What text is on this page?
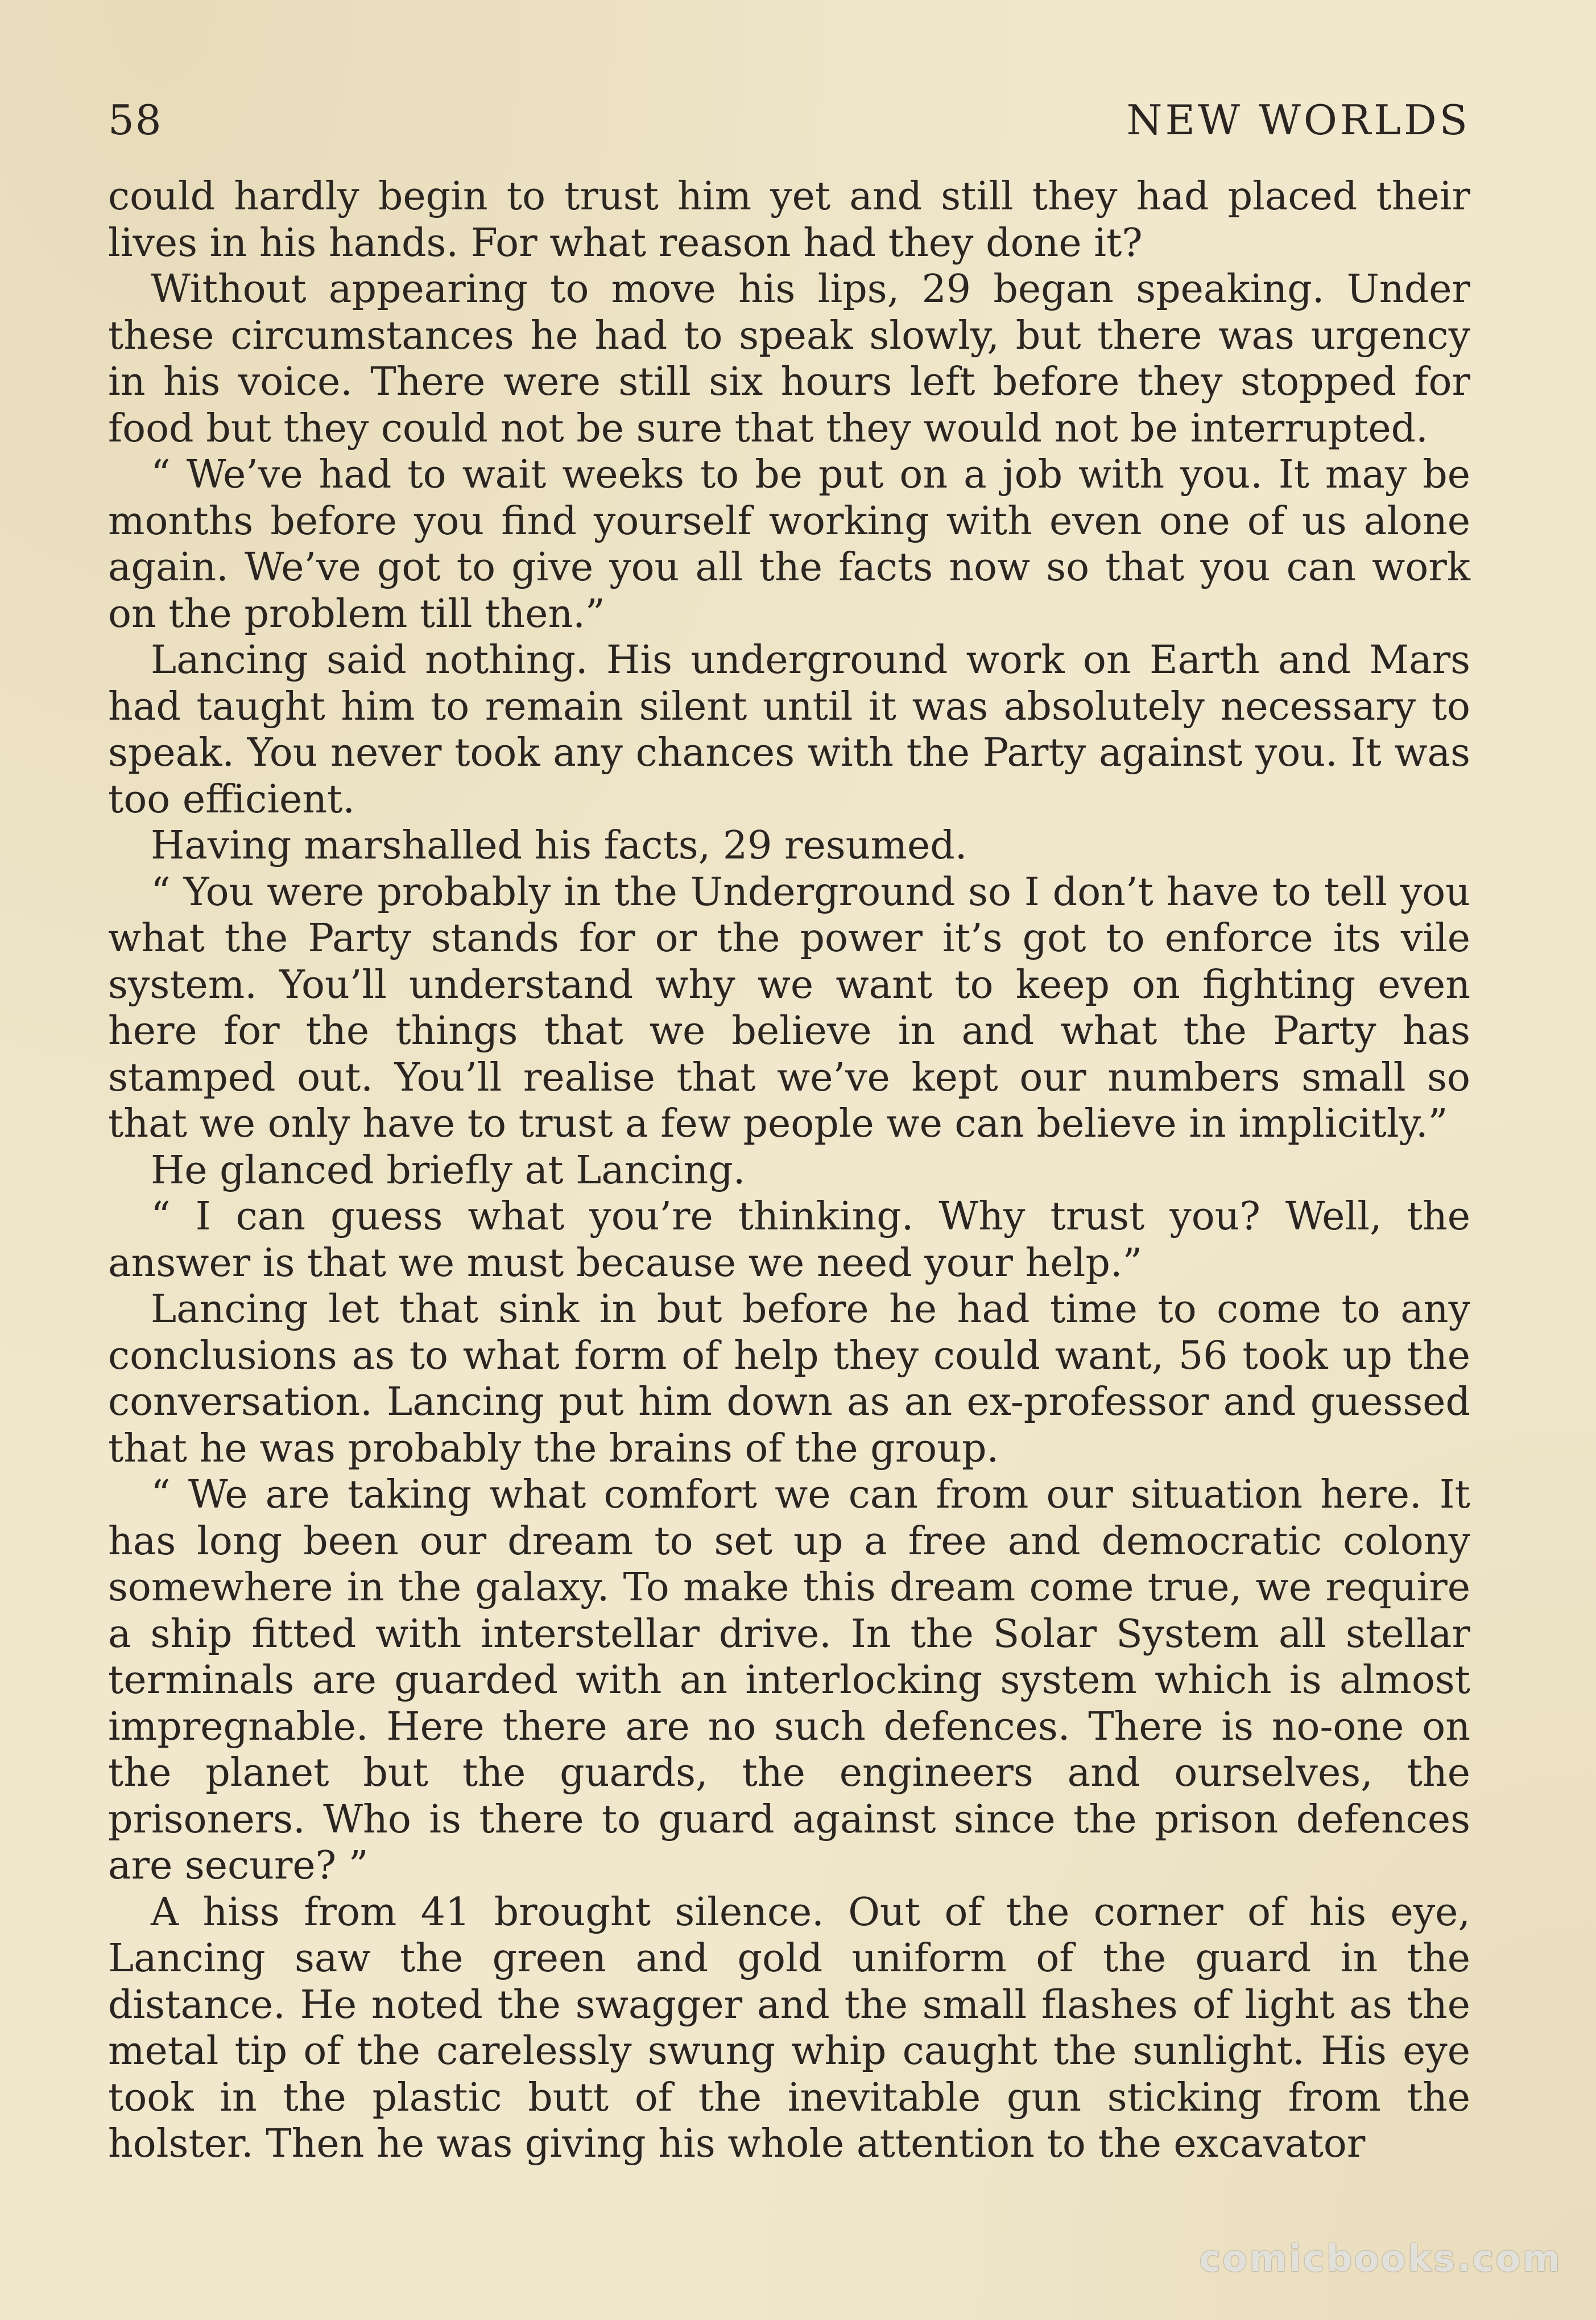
58	NEW WORLDS

could hardly begin to trust him yet and still they had placed their lives in his hands. For what reason had they done it?

Without appearing to move his lips, 29 began speaking. Under these circumstances he had to speak slowly, but there was urgency in his voice. There were still six hours left before they stopped for food but they could not be sure that they would not be interrupted.

“ We’ve had to wait weeks to be put on a job with you. It may be months before you find yourself working with even one of us alone again. We’ve got to give you all the facts now so that you can work on the problem till then.”

Lancing said nothing. His underground work on Earth and Mars had taught him to remain silent until it was absolutely necessary to speak. You never took any chances with the Party against you. It was too efficient.

Having marshalled his facts, 29 resumed.

“ You were probably in the Underground so I don’t have to tell you what the Party stands for or the power it’s got to enforce its vile system. You’ll understand why we want to keep on fighting even here for the things that we believe in and what the Party has stamped out. You’ll realise that we’ve kept our numbers small so that we only have to trust a few people we can believe in implicitly.”

He glanced briefly at Lancing.

“ I can guess what you’re thinking. Why trust you? Well, the answer is that we must because we need your help.”

Lancing let that sink in but before he had time to come to any conclusions as to what form of help they could want, 56 took up the conversation. Lancing put him down as an ex-professor and guessed that he was probably the brains of the group.

“ We are taking what comfort we can from our situation here. It has long been our dream to set up a free and democratic colony somewhere in the galaxy. To make this dream come true, we require a ship fitted with interstellar drive. In the Solar System all stellar terminals are guarded with an interlocking system which is almost impregnable. Here there are no such defences. There is no-one on the planet but the guards, the engineers and ourselves, the prisoners. Who is there to guard against since the prison defences are secure? ”

A hiss from 41 brought silence. Out of the corner of his eye, Lancing saw the green and gold uniform of the guard in the distance. He noted the swagger and the small flashes of light as the metal tip of the carelessly swung whip caught the sunlight. His eye took in the plastic butt of the inevitable gun sticking from the holster. Then he was giving his whole attention to the excavator

comicbooks.com
